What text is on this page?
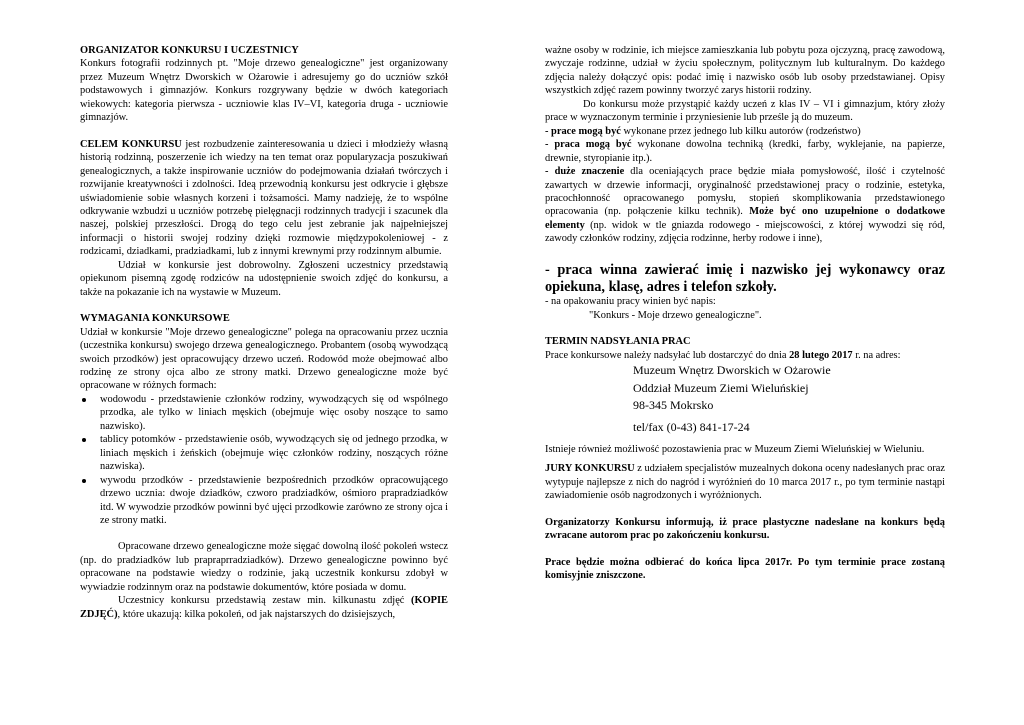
ORGANIZATOR KONKURSU I UCZESTNICY

Konkurs fotografii rodzinnych pt. "Moje drzewo genealogiczne" jest organizowany przez Muzeum Wnętrz Dworskich w Ożarowie i adresujemy go do uczniów szkół podstawowych i gimnazjów. Konkurs rozgrywany będzie w dwóch kategoriach wiekowych: kategoria pierwsza - uczniowie klas IV–VI, kategoria druga - uczniowie gimnazjów.

CELEM KONKURSU jest rozbudzenie zainteresowania u dzieci i młodzieży własną historią rodzinną, poszerzenie ich wiedzy na ten temat oraz popularyzacja poszukiwań genealogicznych, a także inspirowanie uczniów do podejmowania działań twórczych i rozwijanie kreatywności i zdolności. Ideą przewodnią konkursu jest odkrycie i głębsze uświadomienie sobie własnych korzeni i tożsamości. Mamy nadzieję, że to wspólne odkrywanie wzbudzi u uczniów potrzebę pielęgnacji rodzinnych tradycji i szacunek dla naszej, polskiej przeszłości. Drogą do tego celu jest zebranie jak najpełniejszej informacji o historii swojej rodziny dzięki rozmowie międzypokoleniowej - z rodzicami, dziadkami, pradziadkami, lub z innymi krewnymi przy rodzinnym albumie.

Udział w konkursie jest dobrowolny. Zgłoszeni uczestnicy przedstawią opiekunom pisemną zgodę rodziców na udostępnienie swoich zdjęć do konkursu, a także na pokazanie ich na wystawie w Muzeum.

WYMAGANIA KONKURSOWE

Udział w konkursie "Moje drzewo genealogiczne" polega na opracowaniu przez ucznia (uczestnika konkursu) swojego drzewa genealogicznego. Probantem (osobą wywodzącą swoich przodków) jest opracowujący drzewo uczeń. Rodowód może obejmować albo rodzinę ze strony ojca albo ze strony matki. Drzewo genealogiczne może być opracowane w różnych formach:

wodowodu - przedstawienie członków rodziny, wywodzących się od wspólnego przodka, ale tylko w liniach męskich (obejmuje więc osoby noszące to samo nazwisko).
tablicy potomków - przedstawienie osób, wywodzących się od jednego przodka, w liniach męskich i żeńskich (obejmuje więc członków rodziny, noszących różne nazwiska).
wywodu przodków - przedstawienie bezpośrednich przodków opracowującego drzewo ucznia: dwoje dziadków, czworo pradziadków, ośmioro prapradziadków itd. W wywodzie przodków powinni być ujęci przodkowie zarówno ze strony ojca i ze strony matki.

Opracowane drzewo genealogiczne może sięgać dowolną ilość pokoleń wstecz (np. do pradziadków lub prapraprradziadków). Drzewo genealogiczne powinno być opracowane na podstawie wiedzy o rodzinie, jaką uczestnik konkursu zdobył w wywiadzie rodzinnym oraz na podstawie dokumentów, które posiada w domu.

Uczestnicy konkursu przedstawią zestaw min. kilkunastu zdjęć (KOPIE ZDJĘĆ), które ukazują: kilka pokoleń, od jak najstarszych do dzisiejszych,

ważne osoby w rodzinie, ich miejsce zamieszkania lub pobytu poza ojczyzną, pracę zawodową, zwyczaje rodzinne, udział w życiu społecznym, politycznym lub kulturalnym. Do każdego zdjęcia należy dołączyć opis: podać imię i nazwisko osób lub osoby przedstawianej. Opisy wszystkich zdjęć razem powinny tworzyć zarys historii rodziny.

Do konkursu może przystąpić każdy uczeń z klas IV – VI i gimnazjum, który złoży prace w wyznaczonym terminie i przyniesienie lub prześle ją do muzeum.

- prace mogą być wykonane przez jednego lub kilku autorów (rodzeństwo)

- praca mogą być wykonane dowolna techniką (kredki, farby, wyklejanie, na papierze, drewnie, styropianie itp.).

- duże znaczenie dla oceniających prace będzie miała pomysłowość, ilość i czytelność zawartych w drzewie informacji, oryginalność przedstawionej pracy o rodzinie, estetyka, pracochłonność opracowanego pomysłu, stopień skomplikowania przedstawionego opracowania (np. połączenie kilku technik). Może być ono uzupełnione o dodatkowe elementy (np. widok w tle gniazda rodowego - miejscowości, z której wywodzi się ród, zawody członków rodziny, zdjęcia rodzinne, herby rodowe i inne),

- praca winna zawierać imię i nazwisko jej wykonawcy oraz opiekuna, klasę, adres i telefon szkoły.

- na opakowaniu pracy winien być napis:

"Konkurs - Moje drzewo genealogiczne".

TERMIN NADSYŁANIA PRAC

Prace konkursowe należy nadsyłać lub dostarczyć do dnia 28 lutego 2017 r. na adres:

Muzeum Wnętrz Dworskich w Ożarowie
Oddział Muzeum Ziemi Wieluńskiej
98-345 Mokrsko
tel/fax (0-43) 841-17-24

Istnieje również możliwość pozostawienia prac w Muzeum Ziemi Wieluńskiej w Wieluniu.

JURY KONKURSU z udziałem specjalistów muzealnych dokona oceny nadesłanych prac oraz wytypuje najlepsze z nich do nagród i wyróżnień do 10 marca 2017 r., po tym terminie nastąpi zawiadomienie osób nagrodzonych i wyróżnionych.

Organizatorzy Konkursu informują, iż prace plastyczne nadesłane na konkurs będą zwracane autorom prac po zakończeniu konkursu.

Prace będzie można odbierać do końca lipca 2017r. Po tym terminie prace zostaną komisyjnie zniszczone.
